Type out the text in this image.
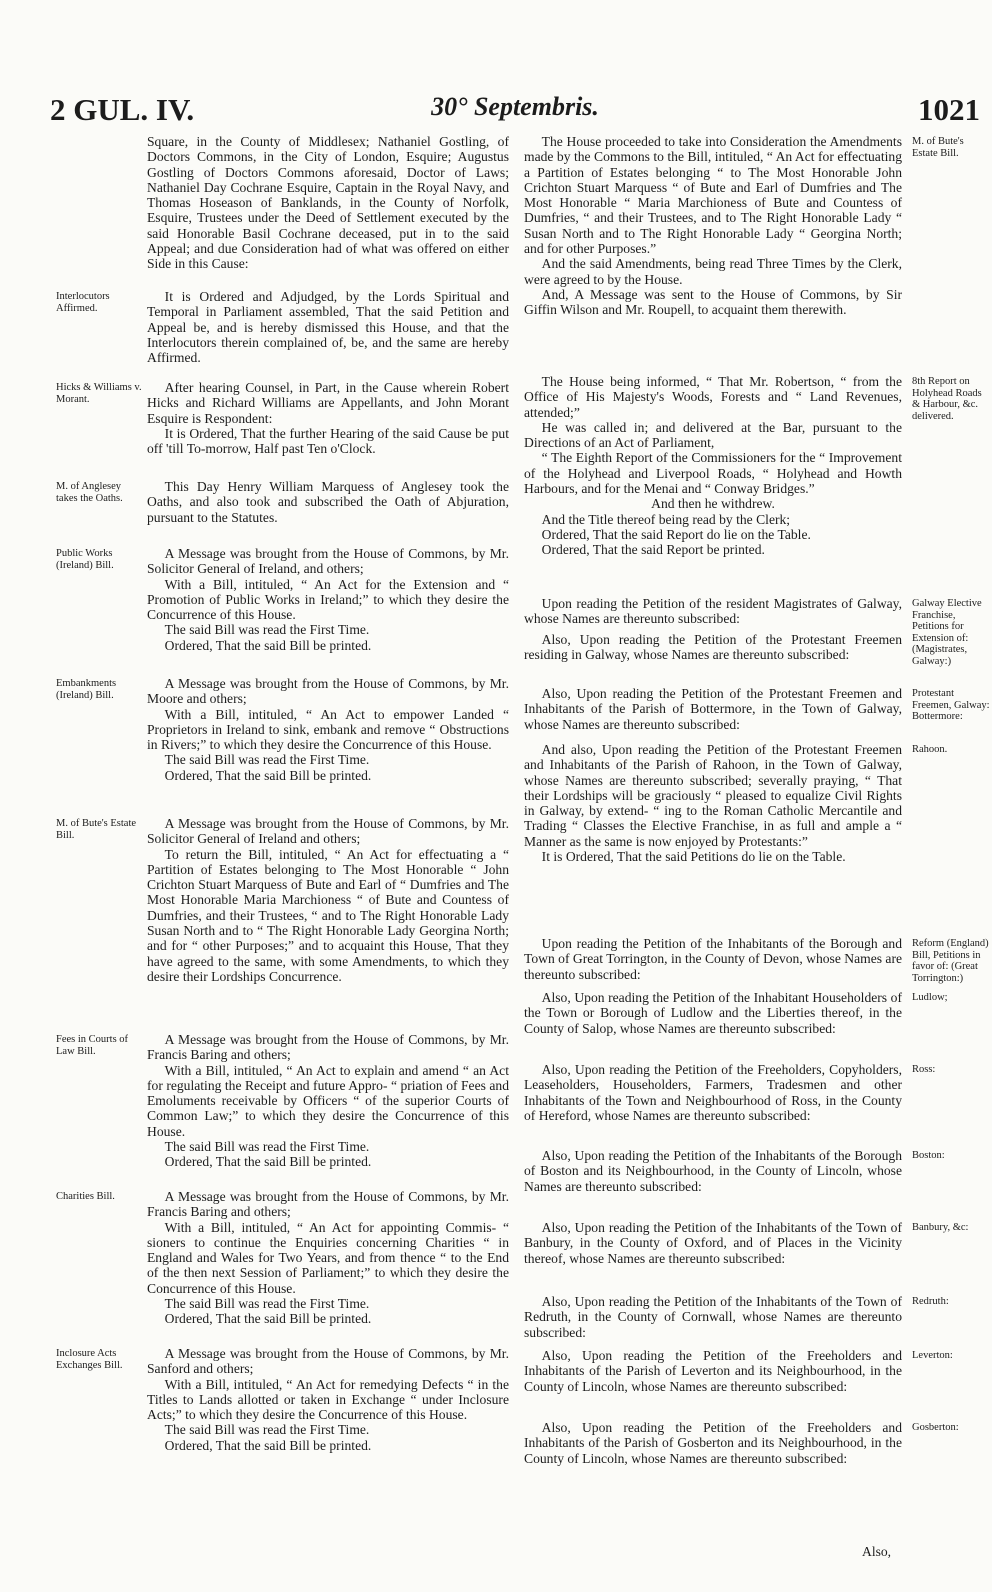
2 GUL. IV.	30° Septembris.	1021

Square, in the County of Middlesex; Nathaniel Gostling, of Doctors Commons, in the City of London, Esquire; Augustus Gostling of Doctors Commons aforesaid, Doctor of Laws; Nathaniel Day Cochrane Esquire, Captain in the Royal Navy, and Thomas Hoseason of Banklands, in the County of Norfolk, Esquire, Trustees under the Deed of Settlement executed by the said Honorable Basil Cochrane deceased, put in to the said Appeal; and due Consideration had of what was offered on either Side in this Cause:

It is Ordered and Adjudged, by the Lords Spiritual and Temporal in Parliament assembled, That the said Petition and Appeal be, and is hereby dismissed this House, and that the Interlocutors therein complained of, be, and the same are hereby Affirmed.

After hearing Counsel, in Part, in the Cause wherein Robert Hicks and Richard Williams are Appellants, and John Morant Esquire is Respondent:

It is Ordered, That the further Hearing of the said Cause be put off 'till To-morrow, Half past Ten o'Clock.

This Day Henry William Marquess of Anglesey took the Oaths, and also took and subscribed the Oath of Abjuration, pursuant to the Statutes.

A Message was brought from the House of Commons, by Mr. Solicitor General of Ireland, and others;

With a Bill, intituled, “ An Act for the Extension and “ Promotion of Public Works in Ireland;” to which they desire the Concurrence of this House.

The said Bill was read the First Time.

Ordered, That the said Bill be printed.

A Message was brought from the House of Commons, by Mr. Moore and others;

With a Bill, intituled, “ An Act to empower Landed “ Proprietors in Ireland to sink, embank and remove “ Obstructions in Rivers;” to which they desire the Concurrence of this House.

The said Bill was read the First Time.

Ordered, That the said Bill be printed.

A Message was brought from the House of Commons, by Mr. Solicitor General of Ireland and others;

To return the Bill, intituled, “ An Act for effectuating a “ Partition of Estates belonging to The Most Honorable “ John Crichton Stuart Marquess of Bute and Earl of “ Dumfries and The Most Honorable Maria Marchioness “ of Bute and Countess of Dumfries, and their Trustees, “ and to The Right Honorable Lady Susan North and to “ The Right Honorable Lady Georgina North; and for “ other Purposes;” and to acquaint this House, That they have agreed to the same, with some Amendments, to which they desire their Lordships Concurrence.

A Message was brought from the House of Commons, by Mr. Francis Baring and others;

With a Bill, intituled, “ An Act to explain and amend “ an Act for regulating the Receipt and future Appro- “ priation of Fees and Emoluments receivable by Officers “ of the superior Courts of Common Law;” to which they desire the Concurrence of this House.

The said Bill was read the First Time.

Ordered, That the said Bill be printed.

A Message was brought from the House of Commons, by Mr. Francis Baring and others;

With a Bill, intituled, “ An Act for appointing Commis- “ sioners to continue the Enquiries concerning Charities “ in England and Wales for Two Years, and from thence “ to the End of the then next Session of Parliament;” to which they desire the Concurrence of this House.

The said Bill was read the First Time.

Ordered, That the said Bill be printed.

A Message was brought from the House of Commons, by Mr. Sanford and others;

With a Bill, intituled, “ An Act for remedying Defects “ in the Titles to Lands allotted or taken in Exchange “ under Inclosure Acts;” to which they desire the Concurrence of this House.

The said Bill was read the First Time.

Ordered, That the said Bill be printed.

The House proceeded to take into Consideration the Amendments made by the Commons to the Bill, intituled, “ An Act for effectuating a Partition of Estates belonging “ to The Most Honorable John Crichton Stuart Marquess “ of Bute and Earl of Dumfries and The Most Honorable “ Maria Marchioness of Bute and Countess of Dumfries, “ and their Trustees, and to The Right Honorable Lady “ Susan North and to The Right Honorable Lady “ Georgina North; and for other Purposes.”

And the said Amendments, being read Three Times by the Clerk, were agreed to by the House.

And, A Message was sent to the House of Commons, by Sir Giffin Wilson and Mr. Roupell, to acquaint them therewith.

The House being informed, “ That Mr. Robertson, “ from the Office of His Majesty's Woods, Forests and “ Land Revenues, attended;”

He was called in; and delivered at the Bar, pursuant to the Directions of an Act of Parliament,

“ The Eighth Report of the Commissioners for the “ Improvement of the Holyhead and Liverpool Roads, “ Holyhead and Howth Harbours, and for the Menai and “ Conway Bridges.”

And then he withdrew.

And the Title thereof being read by the Clerk;

Ordered, That the said Report do lie on the Table.

Ordered, That the said Report be printed.

Upon reading the Petition of the resident Magistrates of Galway, whose Names are thereunto subscribed:

Also, Upon reading the Petition of the Protestant Freemen residing in Galway, whose Names are thereunto subscribed:

Also, Upon reading the Petition of the Protestant Freemen and Inhabitants of the Parish of Bottermore, in the Town of Galway, whose Names are thereunto subscribed:

And also, Upon reading the Petition of the Protestant Freemen and Inhabitants of the Parish of Rahoon, in the Town of Galway, whose Names are thereunto subscribed; severally praying, “ That their Lordships will be graciously “ pleased to equalize Civil Rights in Galway, by extend- “ ing to the Roman Catholic Mercantile and Trading “ Classes the Elective Franchise, in as full and ample a “ Manner as the same is now enjoyed by Protestants:”

It is Ordered, That the said Petitions do lie on the Table.

Upon reading the Petition of the Inhabitants of the Borough and Town of Great Torrington, in the County of Devon, whose Names are thereunto subscribed:

Also, Upon reading the Petition of the Inhabitant Householders of the Town or Borough of Ludlow and the Liberties thereof, in the County of Salop, whose Names are thereunto subscribed:

Also, Upon reading the Petition of the Freeholders, Copyholders, Leaseholders, Householders, Farmers, Tradesmen and other Inhabitants of the Town and Neighbourhood of Ross, in the County of Hereford, whose Names are thereunto subscribed:

Also, Upon reading the Petition of the Inhabitants of the Borough of Boston and its Neighbourhood, in the County of Lincoln, whose Names are thereunto subscribed:

Also, Upon reading the Petition of the Inhabitants of the Town of Banbury, in the County of Oxford, and of Places in the Vicinity thereof, whose Names are thereunto subscribed:

Also, Upon reading the Petition of the Inhabitants of the Town of Redruth, in the County of Cornwall, whose Names are thereunto subscribed:

Also, Upon reading the Petition of the Freeholders and Inhabitants of the Parish of Leverton and its Neighbourhood, in the County of Lincoln, whose Names are thereunto subscribed:

Also, Upon reading the Petition of the Freeholders and Inhabitants of the Parish of Gosberton and its Neighbourhood, in the County of Lincoln, whose Names are thereunto subscribed:

Interlocutors Affirmed.
Hicks & Williams v. Morant.
M. of Anglesey takes the Oaths.
Public Works (Ireland) Bill.
Embankments (Ireland) Bill.
M. of Bute's Estate Bill.
Fees in Courts of Law Bill.
Charities Bill.
Inclosure Acts Exchanges Bill.
M. of Bute's Estate Bill.
8th Report on Holyhead Roads & Harbour, &c. delivered.
Galway Elective Franchise, Petitions for Extension of: (Magistrates, Galway:)
Protestant Freemen, Galway: Bottermore:
Rahoon.
Reform (England) Bill, Petitions in favor of: (Great Torrington:)
Ludlow;
Ross:
Boston:
Banbury, &c:
Redruth:
Leverton:
Gosberton:
Also,
